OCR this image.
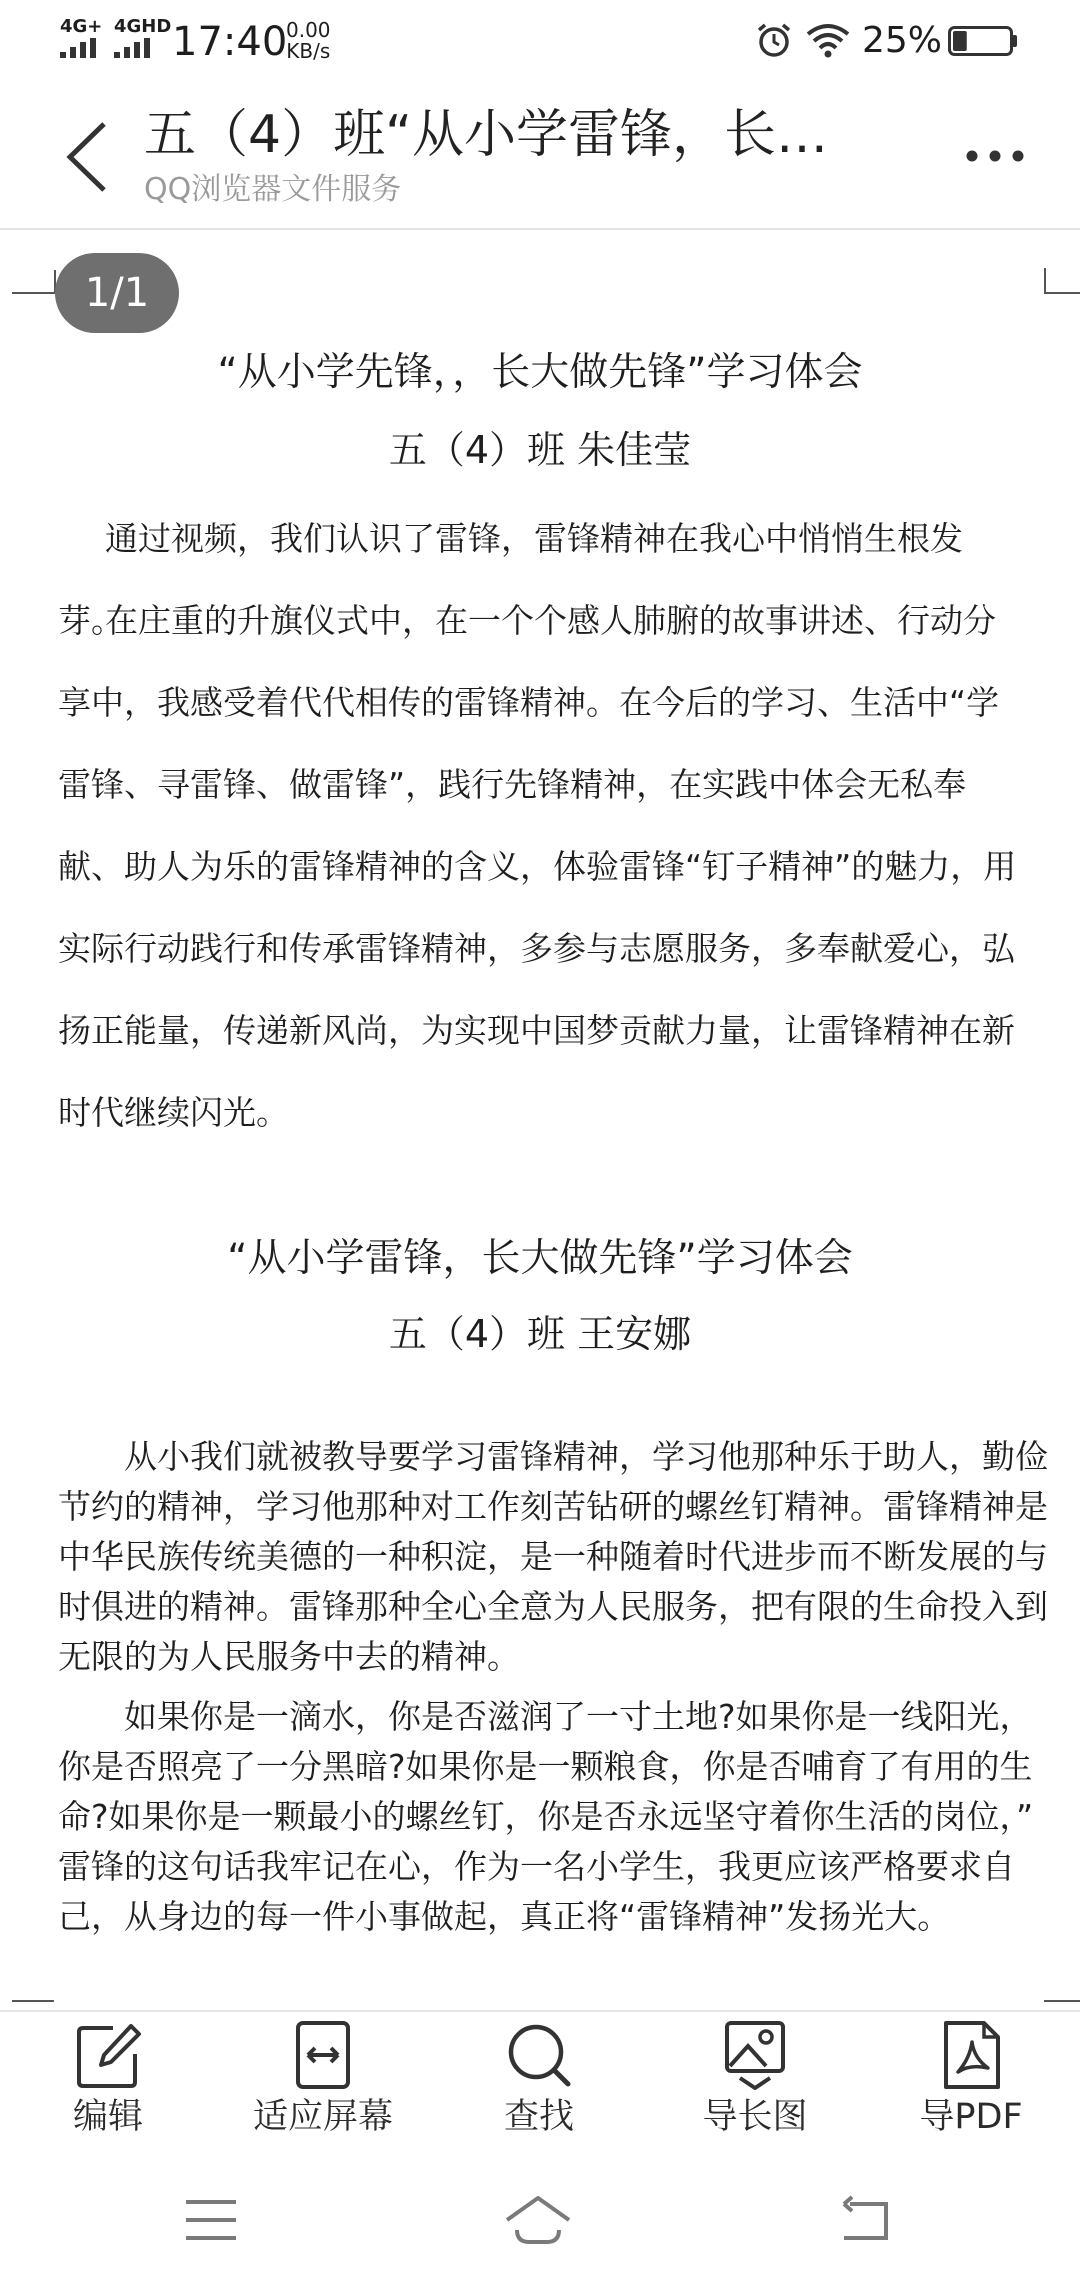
4G+ 4GHD 17:40
0.00
KB/s	25%
五（4）班“从小学雷锋，长…
QQ浏览器文件服务
1/1
“从小学先锋，，长大做先锋”学习体会
五（4）班 朱佳莹

通过视频，我们认识了雷锋，雷锋精神在我心中悄悄生根发芽。

在庄重的升旗仪式中，在一个个感人肺腑的故事讲述、行动分享中，我感受着代代相传的雷锋精神。在今后的学习、生活中“学雷锋、寻雷锋、做雷锋”，践行先锋精神，在实践中体会无私奉献、助人为乐的雷锋精神的含义，体验雷锋“钉子精神”的魅力，用实际行动践行和传承雷锋精神，多参与志愿服务，多奉献爱心，弘扬正能量，传递新风尚，为实现中国梦贡献力量，让雷锋精神在新时代继续闪光。

“从小学雷锋，长大做先锋”学习体会
五（4）班 王安娜

从小我们就被教导要学习雷锋精神，学习他那种乐于助人，勤俭节约的精神，学习他那种对工作刻苦钻研的螺丝钉精神。雷锋精神是中华民族传统美德的一种积淀，是一种随着时代进步而不断发展的与时俱进的精神。雷锋那种全心全意为人民服务，把有限的生命投入到无限的为人民服务中去的精神。

如果你是一滴水，你是否滋润了一寸土地?如果你是一线阳光，你是否照亮了一分黑暗?如果你是一颗粮食，你是否哺育了有用的生命?如果你是一颗最小的螺丝钉，你是否永远坚守着你生活的岗位，” 雷锋的这句话我牢记在心，作为一名小学生，我更应该严格要求自己，从身边的每一件小事做起，真正将“雷锋精神”发扬光大。

编辑	适应屏幕	查找	导长图	导PDF
